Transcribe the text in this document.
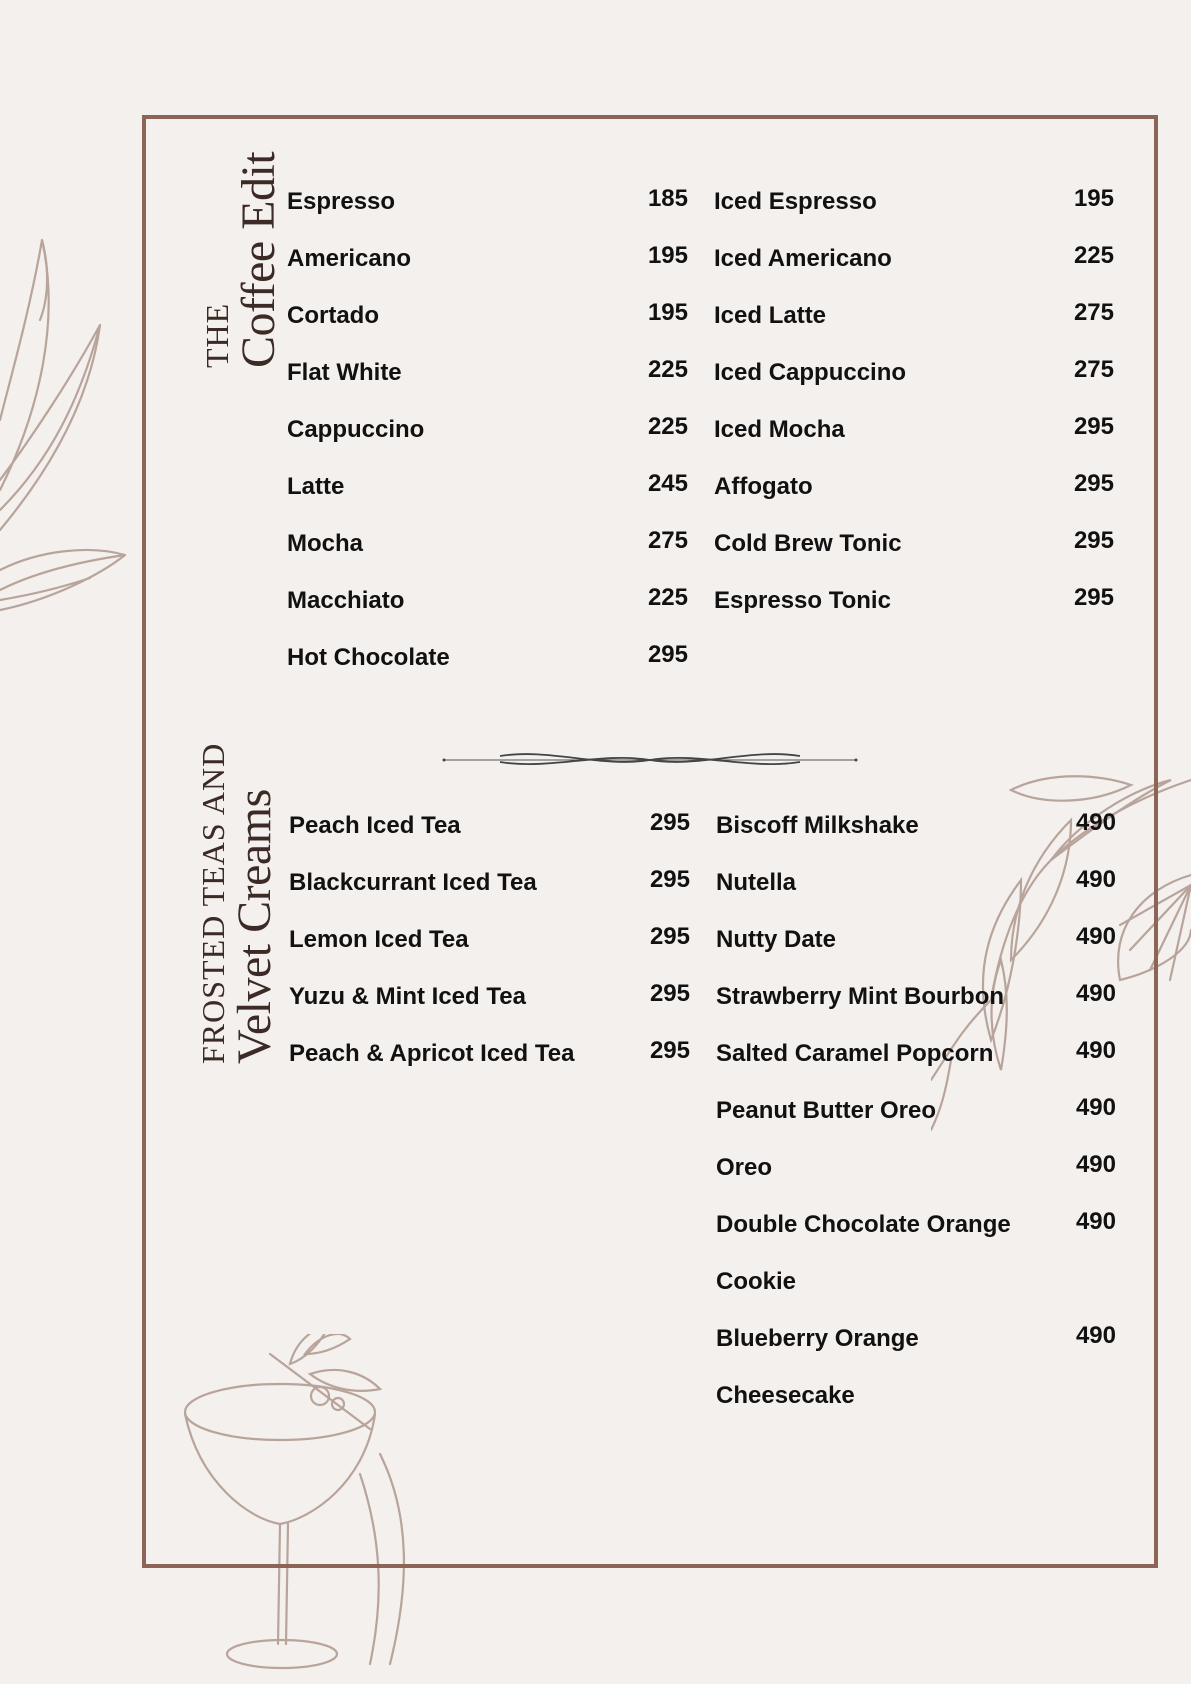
THE
Coffee Edit
FROSTED TEAS AND
Velvet Creams
Espresso	185
Americano	195
Cortado	195
Flat White	225
Cappuccino	225
Latte	245
Mocha	275
Macchiato	225
Hot Chocolate	295
Iced Espresso	195
Iced Americano	225
Iced Latte	275
Iced Cappuccino	275
Iced Mocha	295
Affogato	295
Cold Brew Tonic	295
Espresso Tonic	295
Peach Iced Tea	295
Blackcurrant Iced Tea	295
Lemon Iced Tea	295
Yuzu & Mint Iced Tea	295
Peach & Apricot Iced Tea	295
Biscoff Milkshake	490
Nutella	490
Nutty Date	490
Strawberry Mint Bourbon	490
Salted Caramel Popcorn	490
Peanut Butter Oreo	490
Oreo	490
Double Chocolate Orange	490
Cookie
Blueberry Orange	490
Cheesecake
